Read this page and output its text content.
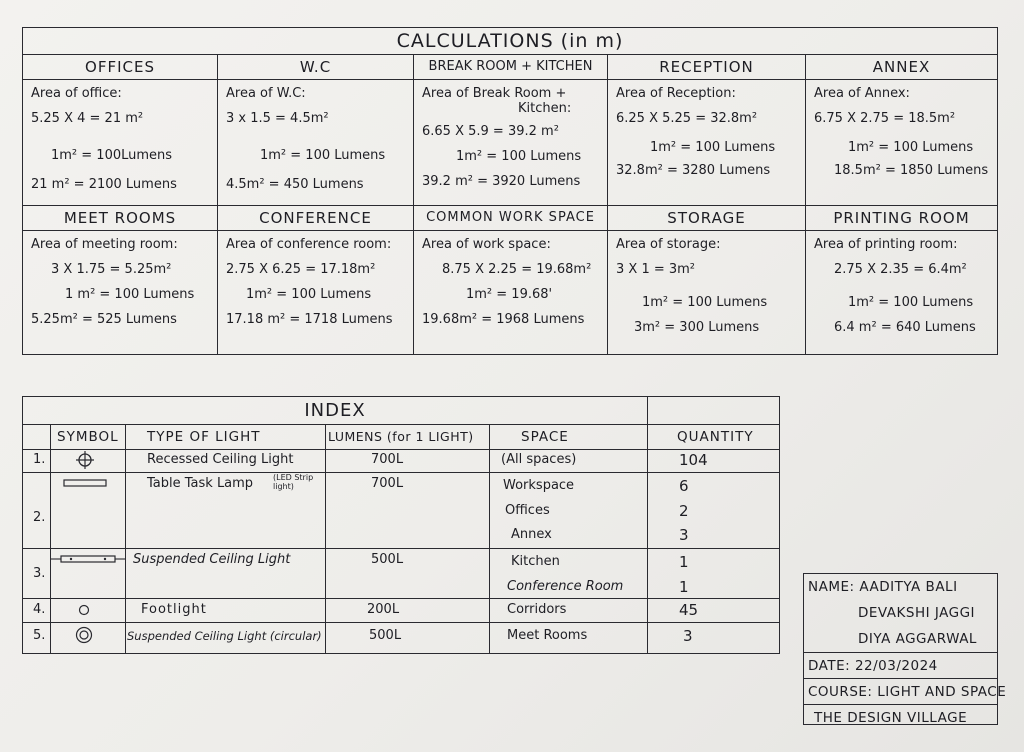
CALCULATIONS (in m)
OFFICES
Area of office:
5.25 X 4 = 21 m²
1m² = 100Lumens
21 m² = 2100 Lumens
W.C
Area of W.C:
3 x 1.5 = 4.5m²
1m² = 100 Lumens
4.5m² = 450 Lumens
BREAK ROOM + KITCHEN
Area of Break Room +
Kitchen:
6.65 X 5.9 = 39.2 m²
1m² = 100 Lumens
39.2 m² = 3920 Lumens
RECEPTION
Area of Reception:
6.25 X 5.25 = 32.8m²
1m² = 100 Lumens
32.8m² = 3280 Lumens
ANNEX
Area of Annex:
6.75 X 2.75 = 18.5m²
1m² = 100 Lumens
18.5m² = 1850 Lumens
MEET ROOMS
Area of meeting room:
3 X 1.75 = 5.25m²
1 m² = 100 Lumens
5.25m² = 525 Lumens
CONFERENCE
Area of conference room:
2.75 X 6.25 = 17.18m²
1m² = 100 Lumens
17.18 m² = 1718 Lumens
COMMON WORK SPACE
Area of work space:
8.75 X 2.25 = 19.68m²
1m² = 19.68'
19.68m² = 1968 Lumens
STORAGE
Area of storage:
3 X 1 = 3m²
1m² = 100 Lumens
3m² = 300 Lumens
PRINTING ROOM
Area of printing room:
2.75 X 2.35 = 6.4m²
1m² = 100 Lumens
6.4 m² = 640 Lumens
INDEX
SYMBOL TYPE OF LIGHT	LUMENS (for 1 LIGHT)	SPACE	QUANTITY
1.	Recessed Ceiling Light	700L	(All spaces)	104
2.
Table Task Lamp (LED Strip light)	700L	Workspace	6
Offices	2
Annex	3
3.
Suspended Ceiling Light	500L	Kitchen	1
Conference Room	1
4.	Footlight	200L	Corridors	45
5.	Suspended Ceiling Light (circular)	500L	Meet Rooms	3
NAME: AADITYA BALI
DEVAKSHI JAGGI
DIYA AGGARWAL
DATE: 22/03/2024
COURSE: LIGHT AND SPACE
THE DESIGN VILLAGE
